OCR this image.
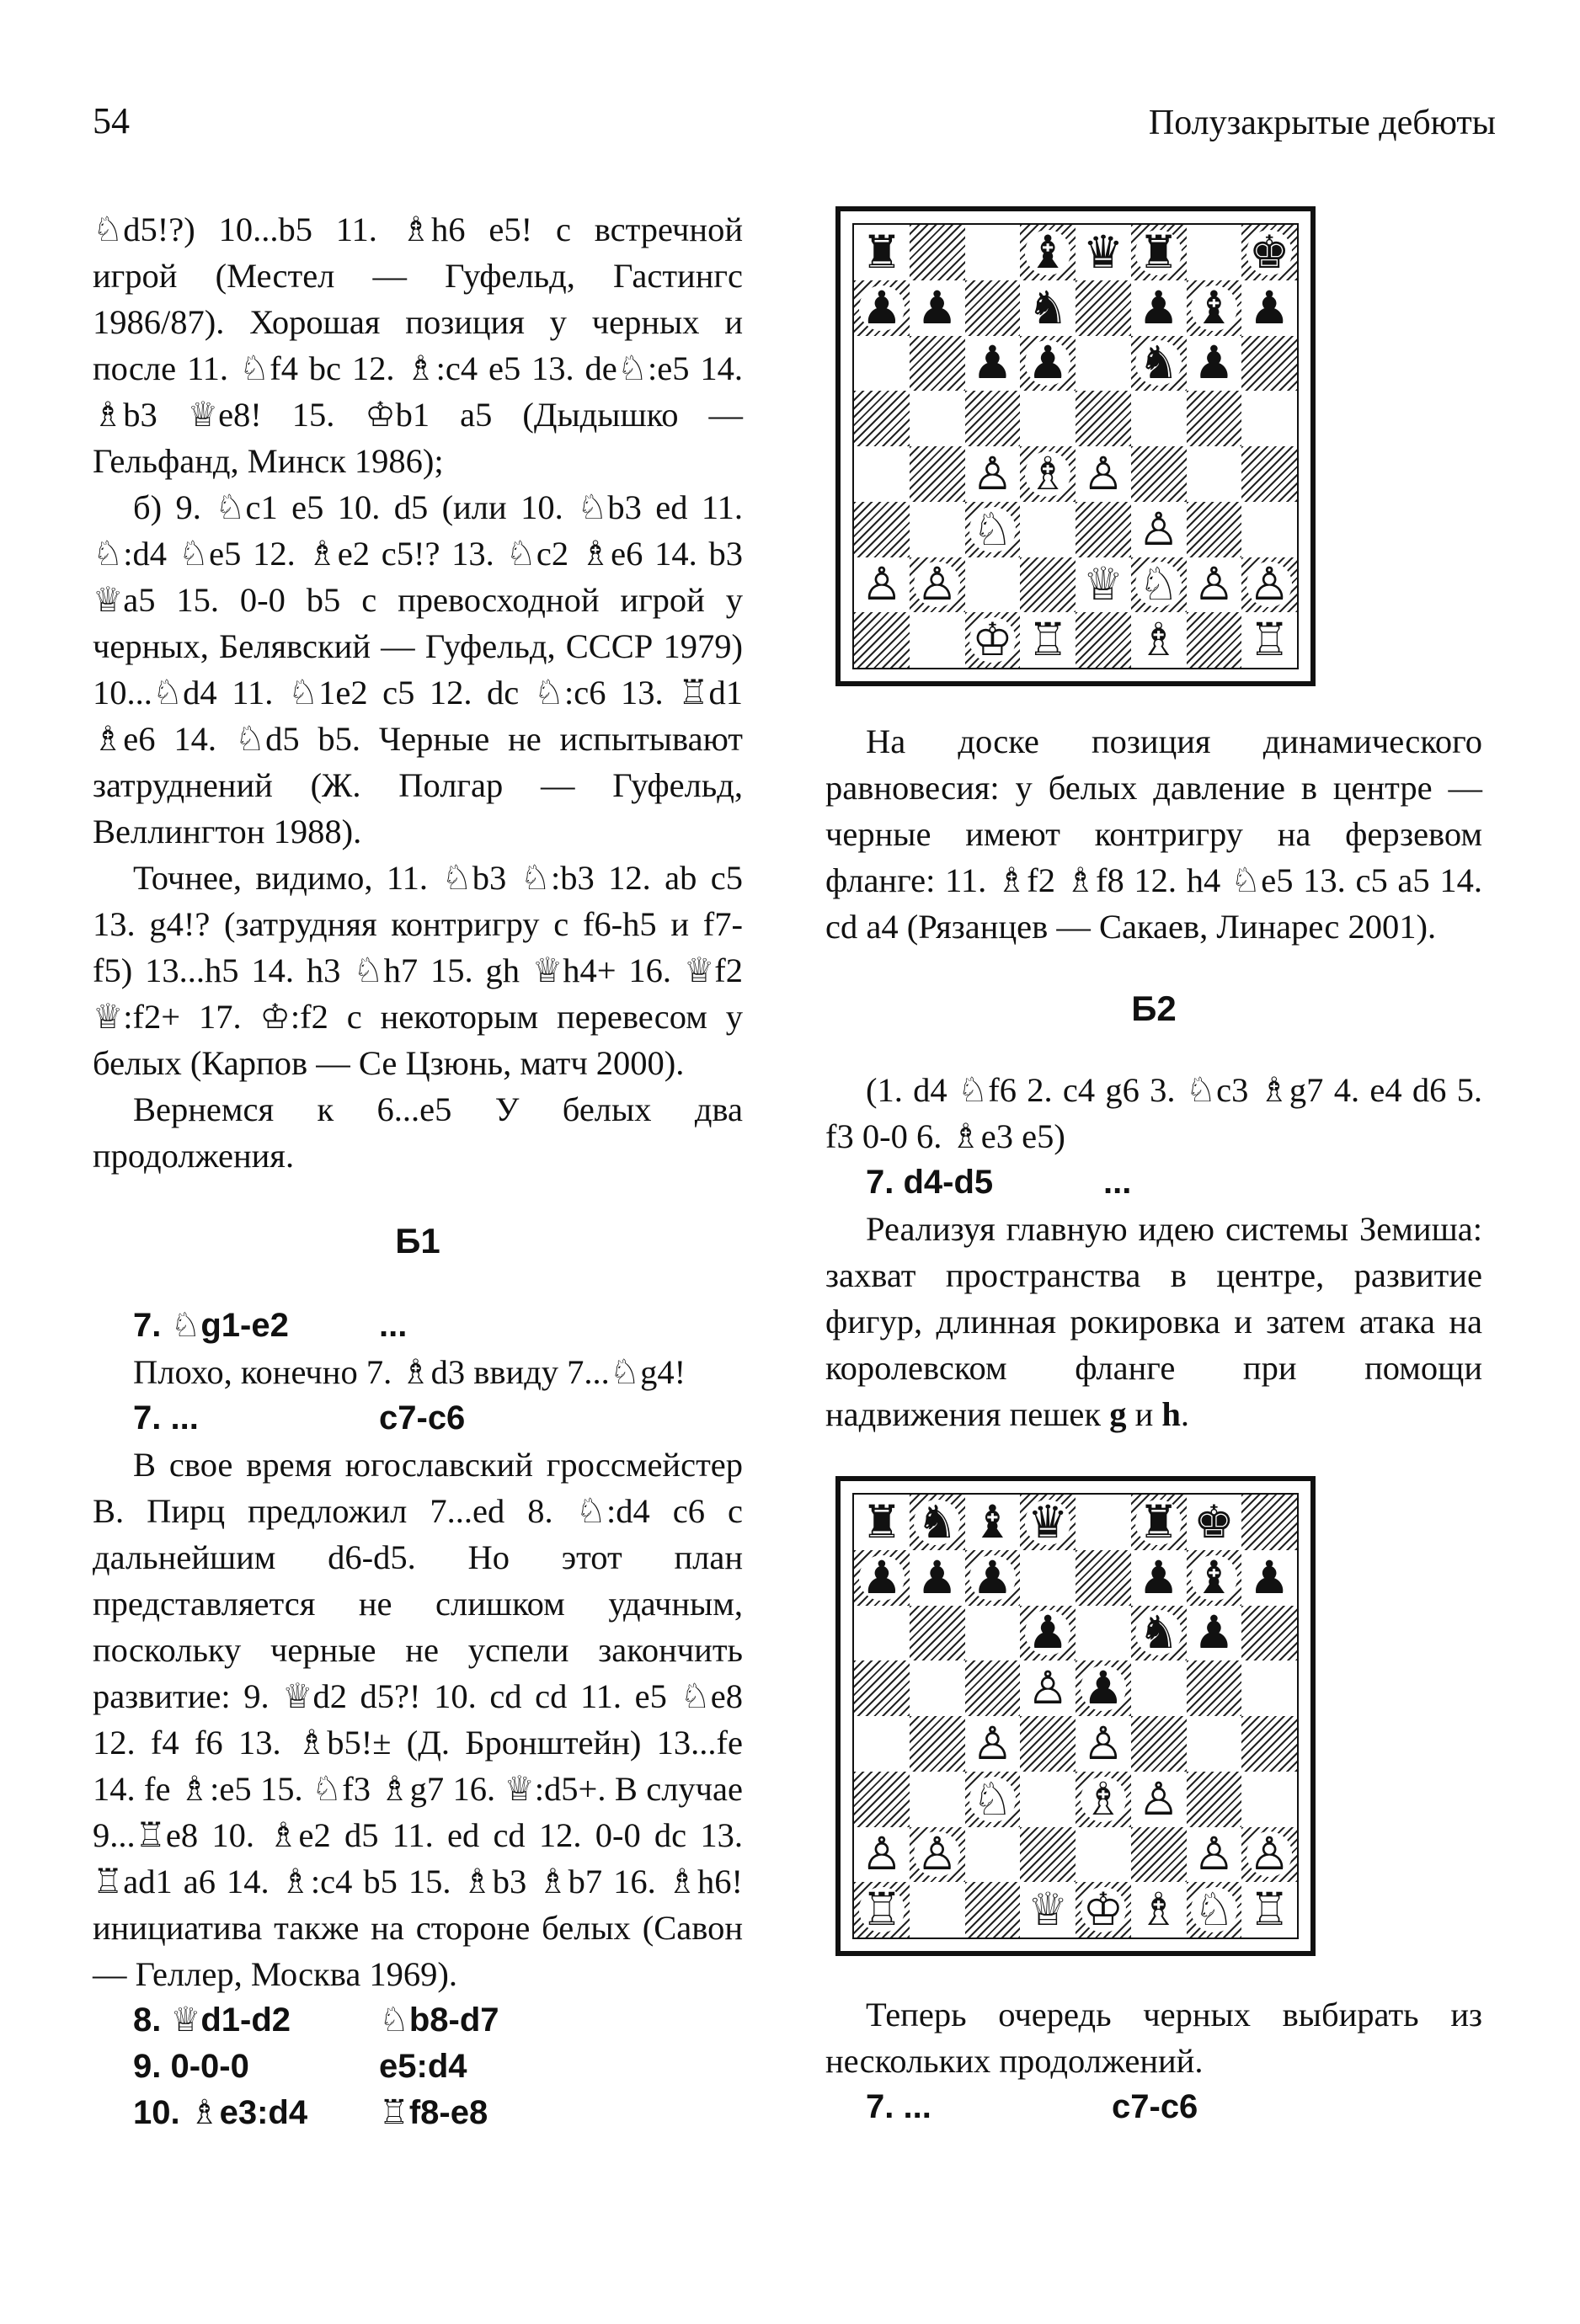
54	Полузакрытые дебюты

♘d5!?) 10...b5 11. ♗h6 e5! с встречной игрой (Местел — Гуфельд, Гастингс 1986/87). Хорошая позиция у черных и после 11. ♘f4 bc 12. ♗:c4 e5 13. de♘:e5 14. ♗b3 ♕e8! 15. ♔b1 a5 (Дыдышко — Гельфанд, Минск 1986);

б) 9. ♘c1 e5 10. d5 (или 10. ♘b3 ed 11. ♘:d4 ♘e5 12. ♗e2 c5!? 13. ♘c2 ♗e6 14. b3 ♕a5 15. 0-0 b5 с превосходной игрой у черных, Белявский — Гуфельд, СССР 1979) 10...♘d4 11. ♘1e2 c5 12. dc ♘:c6 13. ♖d1 ♗e6 14. ♘d5 b5. Черные не испытывают затруднений (Ж. Полгар — Гуфельд, Веллингтон 1988).

Точнее, видимо, 11. ♘b3 ♘:b3 12. ab c5 13. g4!? (затрудняя контригру с f6-h5 и f7-f5) 13...h5 14. h3 ♘h7 15. gh ♕h4+ 16. ♕f2 ♕:f2+ 17. ♔:f2 с некоторым перевесом у белых (Карпов — Се Цзюнь, матч 2000).

Вернемся к 6...e5 У белых два продолжения.

Б1
7. ♘g1-e2	...

Плохо, конечно 7. ♗d3 ввиду 7...♘g4!

7. ...	c7-c6

В свое время югославский гроссмейстер В. Пирц предложил 7...ed 8. ♘:d4 c6 с дальнейшим d6-d5. Но этот план представляется не слишком удачным, поскольку черные не успели закончить развитие: 9. ♕d2 d5?! 10. cd cd 11. e5 ♘e8 12. f4 f6 13. ♗b5!± (Д. Бронштейн) 13...fe 14. fe ♗:e5 15. ♘f3 ♗g7 16. ♕:d5+. В случае 9...♖e8 10. ♗e2 d5 11. ed cd 12. 0-0 dc 13. ♖ad1 a6 14. ♗:c4 b5 15. ♗b3 ♗b7 16. ♗h6! инициатива также на стороне белых (Савон — Геллер, Москва 1969).

8. ♕d1-d2	♘b8-d7
9. 0-0-0	e5:d4
10. ♗e3:d4	♖f8-e8
♜	♝ ♛ ♜ ♚
♟ ♟ ♞ ♟ ♝ ♟
♟ ♟ ♞ ♟
♙ ♗ ♙
♘	♙
♙ ♙	♕ ♘ ♙ ♙
♔ ♖ ♗ ♖

На доске позиция динамического равновесия: у белых давление в центре — черные имеют контригру на ферзевом фланге: 11. ♗f2 ♗f8 12. h4 ♘e5 13. c5 a5 14. cd a4 (Рязанцев — Сакаев, Линарес 2001).

Б2

(1. d4 ♘f6 2. c4 g6 3. ♘c3 ♗g7 4. e4 d6 5. f3 0-0 6. ♗e3 e5)

7. d4-d5	...

Реализуя главную идею системы Земиша: захват пространства в центре, развитие фигур, длинная рокировка и затем атака на королевском фланге при помощи надвижения пешек g и h.

♜ ♞ ♝ ♛ ♜ ♚
♟ ♟ ♟	♟ ♝ ♟
♟ ♞ ♟
♙ ♟
♙ ♙
♘ ♗ ♙
♙ ♙	♙ ♙
♖	♕ ♔ ♗ ♘ ♖

Теперь очередь черных выбирать из нескольких продолжений.

7. ...	c7-c6
